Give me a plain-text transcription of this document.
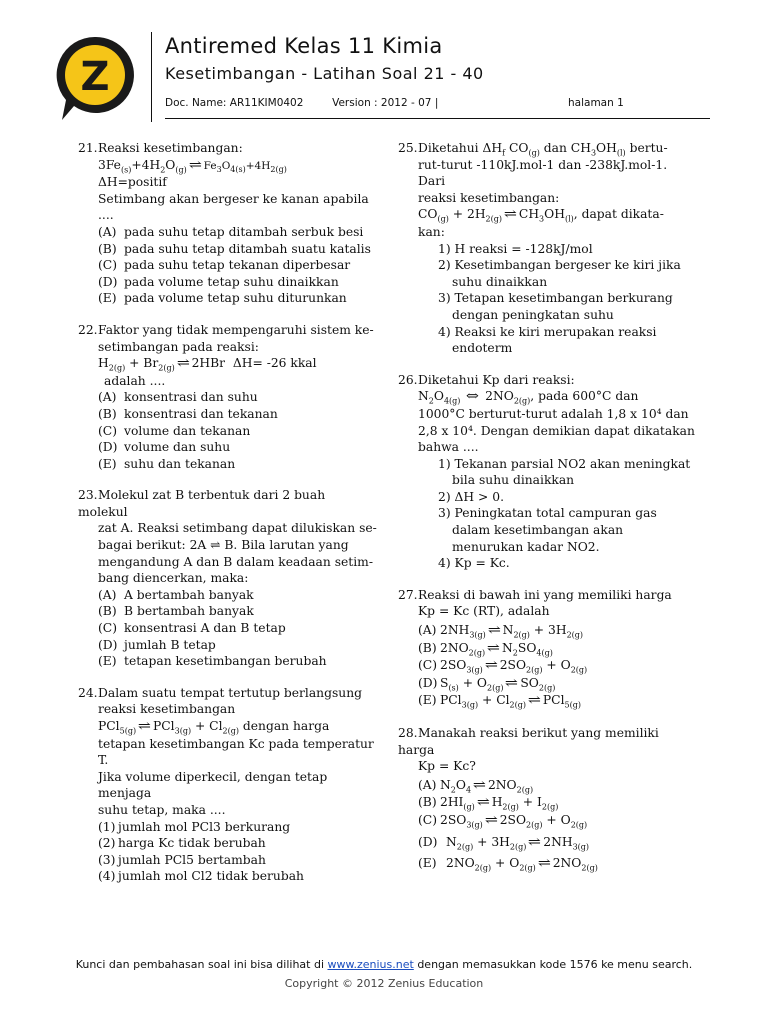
Z
Antiremed Kelas 11 Kimia
Kesetimbangan - Latihan Soal 21 - 40
Doc. Name: AR11KIM0402	Version : 2012 - 07 |	halaman 1
21.Reaksi kesetimbangan:
$3Fe_{(s)}+4H_2O_{(g)}$ ⇌ $Fe_3O_{4(s)}+4H_{2(g)}$
ΔH=positif
Setimbang akan bergeser ke kanan apabila ....
(A) pada suhu tetap ditambah serbuk besi
(B) pada suhu tetap ditambah suatu katalis
(C) pada suhu tetap tekanan diperbesar
(D) pada volume tetap suhu dinaikkan
(E) pada volume tetap suhu diturunkan
22.Faktor yang tidak mempengaruhi sistem ke-
setimbangan pada reaksi:
$H_{2(g)} + Br_{2(g)}$ ⇌ 2HBr  ΔH= -26 kkal
adalah ....
(A) konsentrasi dan suhu
(B) konsentrasi dan tekanan
(C) volume dan tekanan
(D) volume dan suhu
(E) suhu dan tekanan
23.Molekul zat B terbentuk dari 2 buah molekul
zat A. Reaksi setimbang dapat dilukiskan se-
bagai berikut: 2A ⇌ B. Bila larutan yang
mengandung A dan B dalam keadaan setim-
bang diencerkan, maka:
(A) A bertambah banyak
(B) B bertambah banyak
(C) konsentrasi A dan B tetap
(D) jumlah B tetap
(E) tetapan kesetimbangan berubah
24.Dalam suatu tempat tertutup berlangsung
reaksi kesetimbangan
PCl$_{5(g)}$ ⇌ $PCl_{3(g)} + Cl_{2(g)}$ dengan harga
tetapan kesetimbangan Kc pada temperatur T.
Jika volume diperkecil, dengan tetap menjaga
suhu tetap, maka ....
(1) jumlah mol PCl3 berkurang
(2) harga Kc tidak berubah
(3) jumlah PCl5 bertambah
(4) jumlah mol Cl2 tidak berubah
25.Diketahui $\Delta H_f$ $CO_{(g)}$ dan $CH_3OH_{(l)}$ bertu-
rut-turut -110kJ.mol-1 dan -238kJ.mol-1. Dari
reaksi kesetimbangan:
$CO_{(g)} + 2H_{2(g)}$ ⇌ $CH_3OH_{(l)}$, dapat dikata-
kan:
1) H reaksi = -128kJ/mol
2) Kesetimbangan bergeser ke kiri jika suhu dinaikkan
3) Tetapan kesetimbangan berkurang dengan peningkatan suhu
4) Reaksi ke kiri merupakan reaksi endoterm
26.Diketahui Kp dari reaksi:
$N_2O_{4(g)}$ ⇔ $2NO_{2(g)}$, pada 600°C dan
1000°C berturut-turut adalah 1,8 x 10⁴ dan
2,8 x 10⁴. Dengan demikian dapat dikatakan
bahwa ....
1) Tekanan parsial NO2 akan meningkat bila suhu dinaikkan
2) ΔH > 0.
3) Peningkatan total campuran gas dalam kesetimbangan akan menurukan kadar NO2.
4) Kp = Kc.
27.Reaksi di bawah ini yang memiliki harga
Kp = Kc (RT), adalah
(A) $2NH_{3(g)}$ ⇌ $N_{2(g)} + 3H_{2(g)}$
(B) $2NO_{2(g)}$ ⇌ $N_2SO_{4(g)}$
(C) $2SO_{3(g)}$ ⇌ $2SO_{2(g)} + O_{2(g)}$
(D) $S_{(s)} + O_{2(g)}$ ⇌ $SO_{2(g)}$
(E) $PCl_{3(g)} + Cl_{2(g)}$ ⇌ PCl$_{5(g)}$
28.Manakah reaksi berikut yang memiliki harga
Kp = Kc?
(A) $N_2O_4$ ⇌ $2NO_{2(g)}$
(B) $2HI_{(g)}$ ⇌ $H_{2(g)} + I_{2(g)}$
(C) $2SO_{3(g)}$ ⇌ $2SO_{2(g)} + O_{2(g)}$
(D) $N_{2(g)} + 3H_{2(g)}$ ⇌ $2NH_{3(g)}$
(E) $2NO_{2(g)} + O_{2(g)}$ ⇌ $2NO_{2(g)}$
Kunci dan pembahasan soal ini bisa dilihat di www.zenius.net dengan memasukkan kode 1576 ke menu search.
Copyright © 2012 Zenius Education
